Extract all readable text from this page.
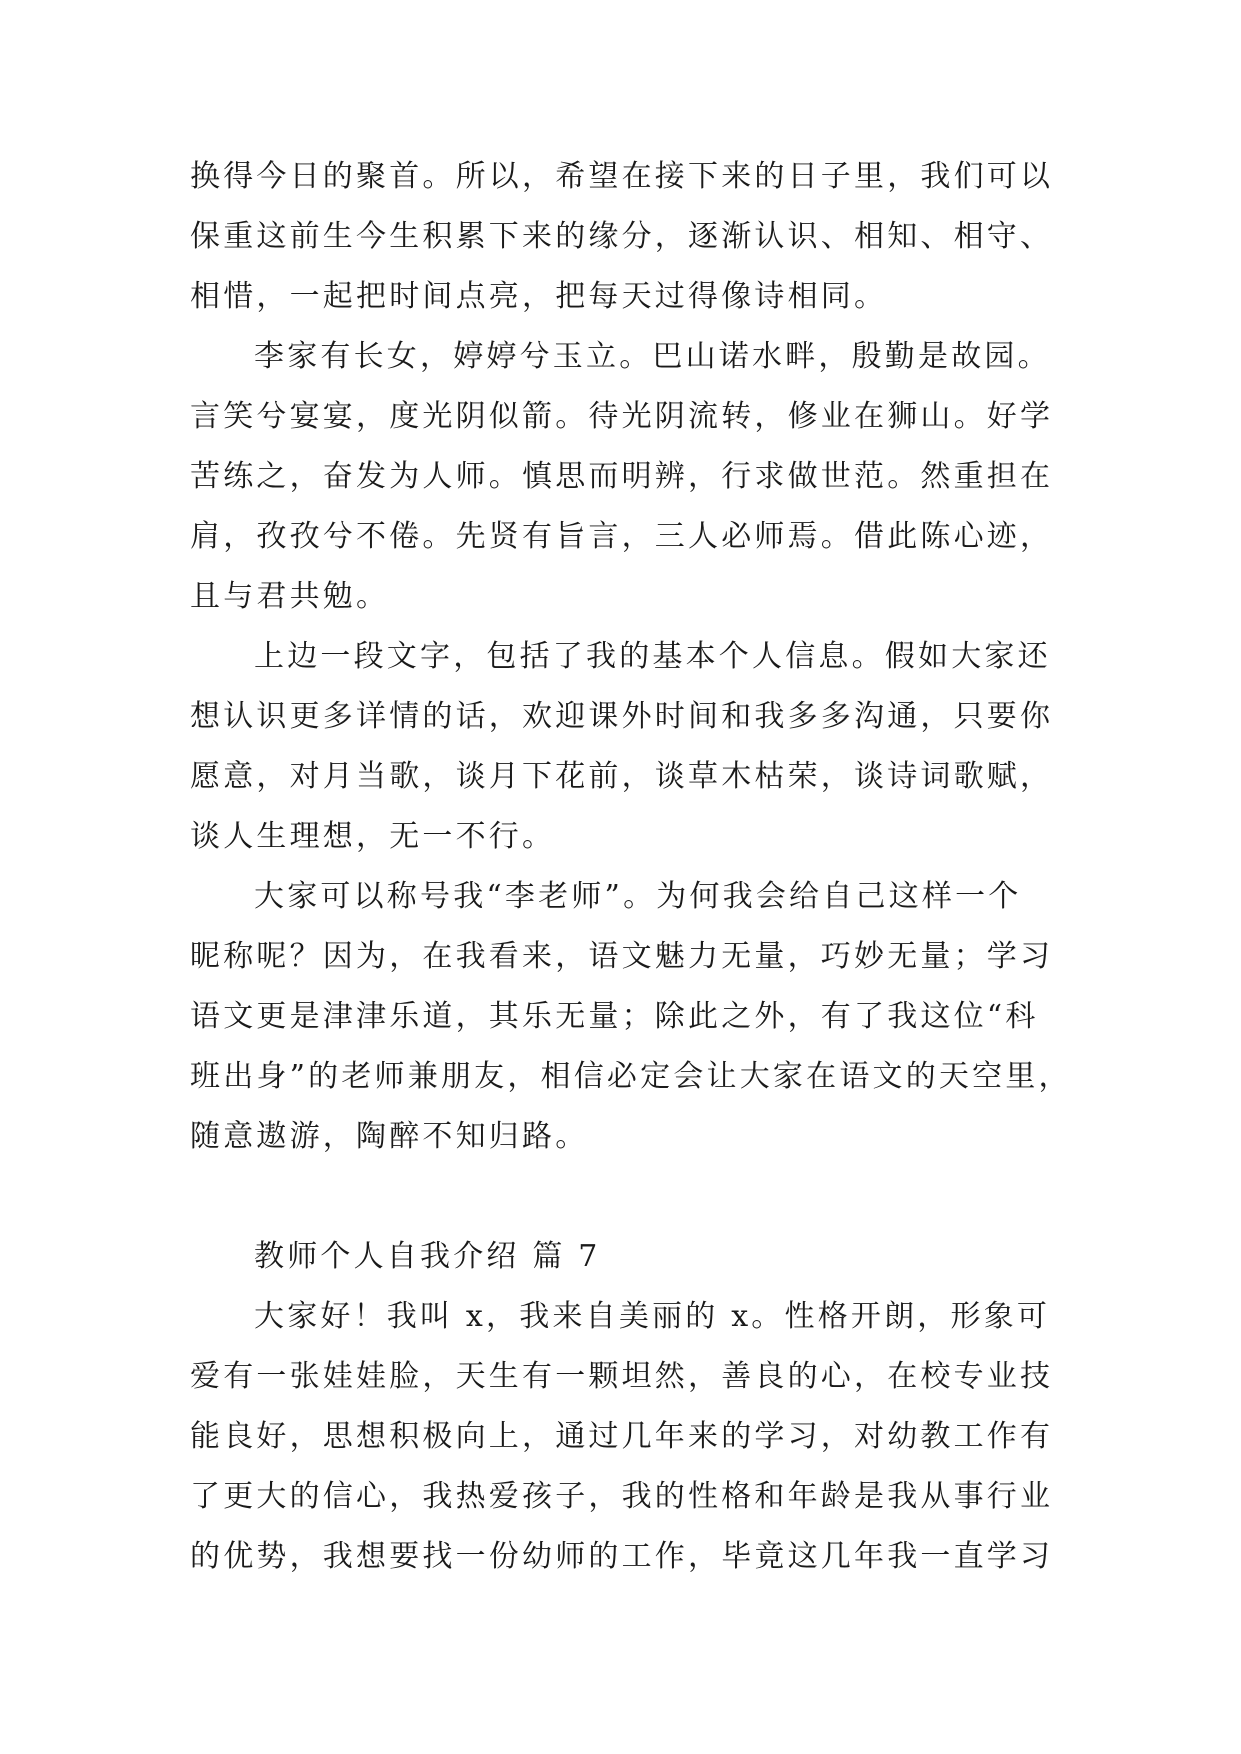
换得今日的聚首。所以，希望在接下来的日子里，我们可以
保重这前生今生积累下来的缘分，逐渐认识、相知、相守、
相惜，一起把时间点亮，把每天过得像诗相同。
李家有长女，婷婷兮玉立。巴山诺水畔，殷勤是故园。
言笑兮宴宴，度光阴似箭。待光阴流转，修业在狮山。好学
苦练之，奋发为人师。慎思而明辨，行求做世范。然重担在
肩，孜孜兮不倦。先贤有旨言，三人必师焉。借此陈心迹，
且与君共勉。
上边一段文字，包括了我的基本个人信息。假如大家还
想认识更多详情的话，欢迎课外时间和我多多沟通，只要你
愿意，对月当歌，谈月下花前，谈草木枯荣，谈诗词歌赋，
谈人生理想，无一不行。
大家可以称号我“李老师”。为何我会给自己这样一个
昵称呢？因为，在我看来，语文魅力无量，巧妙无量；学习
语文更是津津乐道，其乐无量；除此之外，有了我这位“科
班出身”的老师兼朋友，相信必定会让大家在语文的天空里，
随意遨游，陶醉不知归路。
教师个人自我介绍 篇 7
大家好！我叫 x，我来自美丽的 x。性格开朗，形象可
爱有一张娃娃脸，天生有一颗坦然，善良的心，在校专业技
能良好，思想积极向上，通过几年来的学习，对幼教工作有
了更大的信心，我热爱孩子，我的性格和年龄是我从事行业
的优势，我想要找一份幼师的工作，毕竟这几年我一直学习
